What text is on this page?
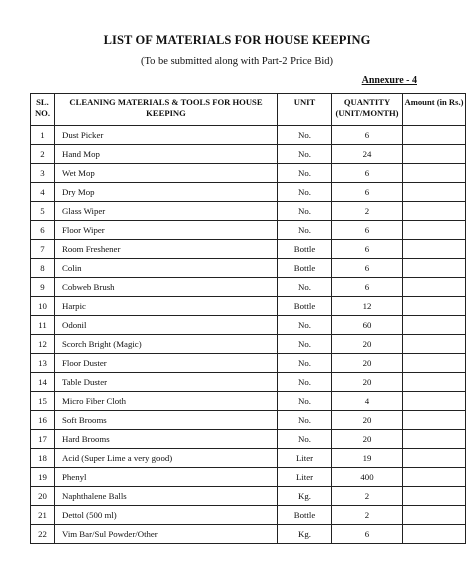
LIST OF MATERIALS FOR HOUSE KEEPING
(To be submitted along with Part-2 Price Bid)
Annexure - 4
SL. NO.	CLEANING MATERIALS & TOOLS FOR HOUSE KEEPING	UNIT	QUANTITY (UNIT/MONTH)	Amount (in Rs.)
1	Dust Picker	No.	6	
2	Hand Mop	No.	24	
3	Wet Mop	No.	6	
4	Dry Mop	No.	6	
5	Glass Wiper	No.	2	
6	Floor Wiper	No.	6	
7	Room Freshener	Bottle	6	
8	Colin	Bottle	6	
9	Cobweb Brush	No.	6	
10	Harpic	Bottle	12	
11	Odonil	No.	60	
12	Scorch Bright (Magic)	No.	20	
13	Floor Duster	No.	20	
14	Table Duster	No.	20	
15	Micro Fiber Cloth	No.	4	
16	Soft Brooms	No.	20	
17	Hard Brooms	No.	20	
18	Acid (Super Lime a very good)	Liter	19	
19	Phenyl	Liter	400	
20	Naphthalene Balls	Kg.	2	
21	Dettol (500 ml)	Bottle	2	
22	Vim Bar/Sul Powder/Other	Kg.	6	
